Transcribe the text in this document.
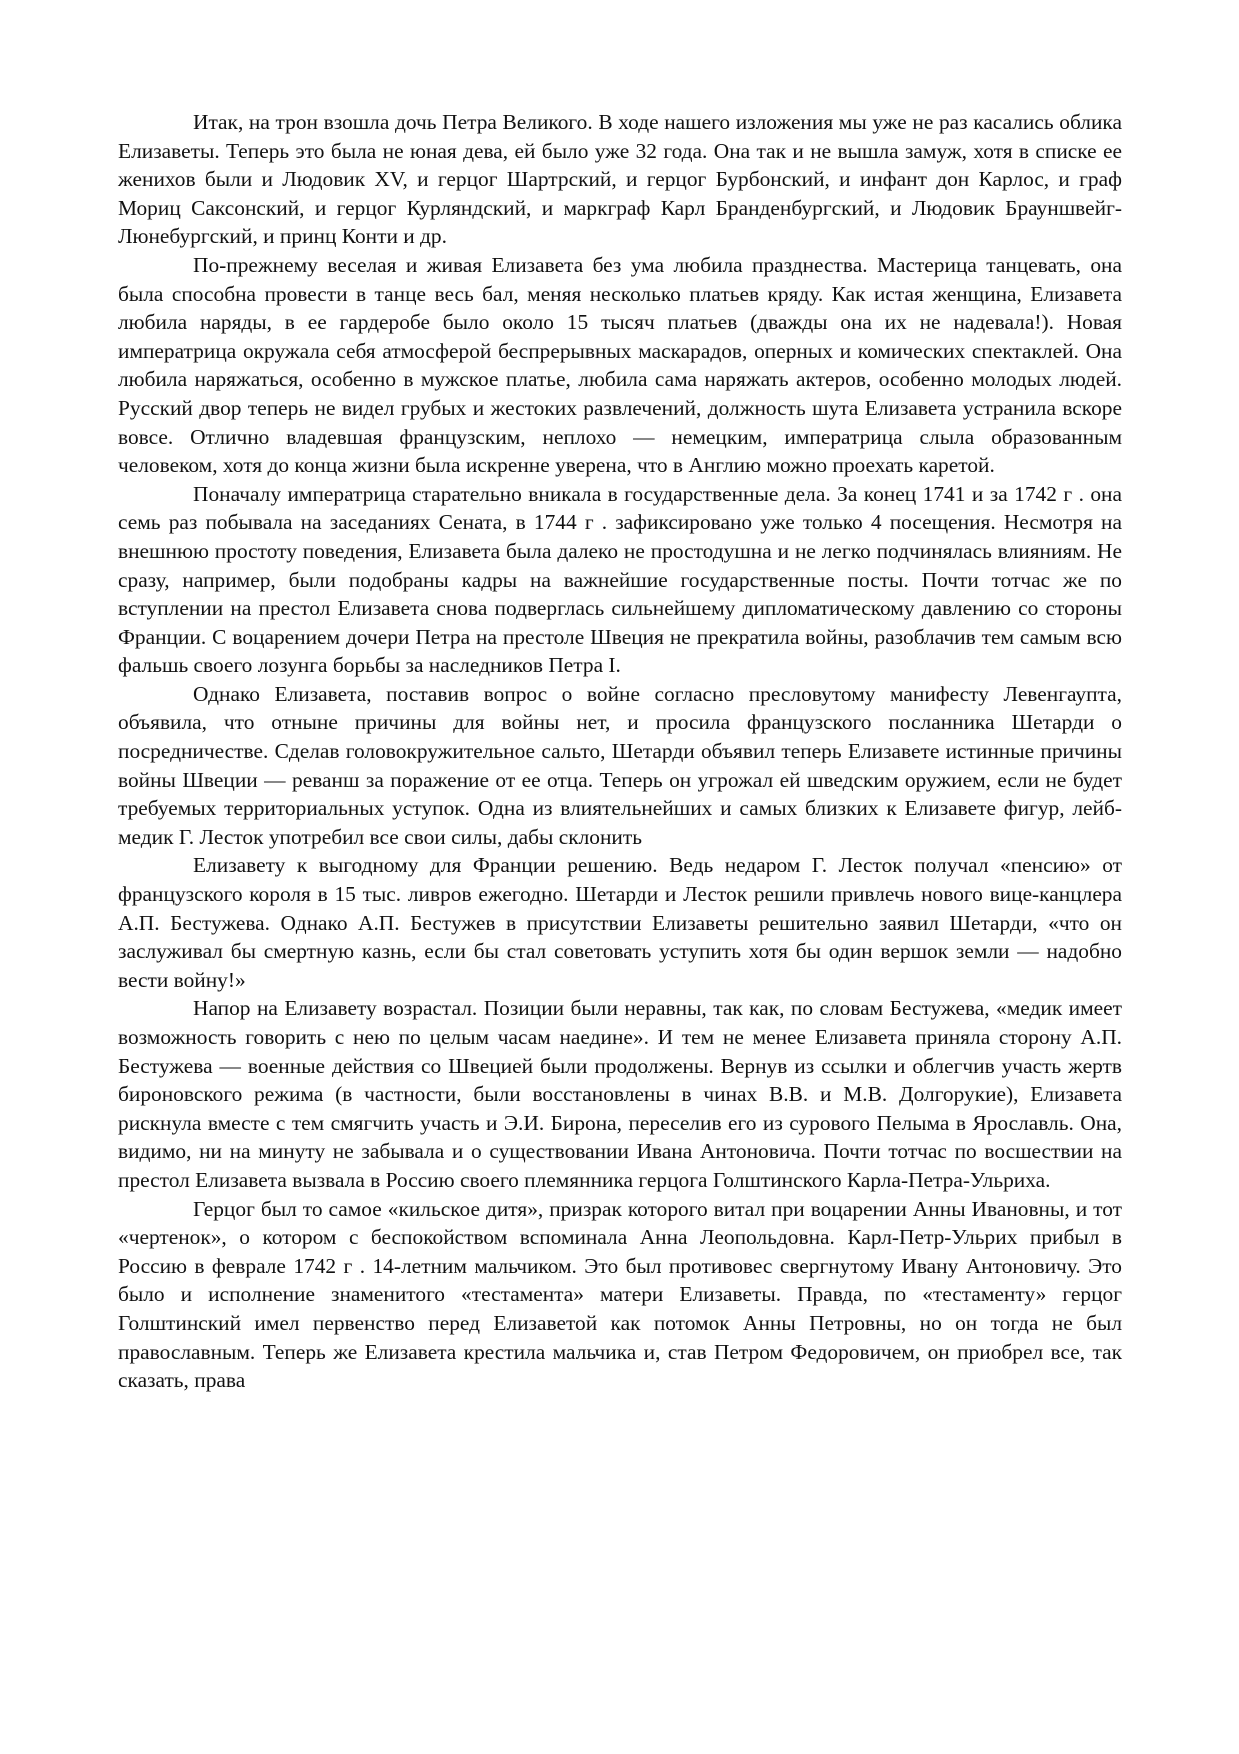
Итак, на трон взошла дочь Петра Великого. В ходе нашего изложения мы уже не раз касались облика Елизаветы. Теперь это была не юная дева, ей было уже 32 года. Она так и не вышла замуж, хотя в списке ее женихов были и Людовик XV, и герцог Шартрский, и герцог Бурбонский, и инфант дон Карлос, и граф Мориц Саксонский, и герцог Курляндский, и маркграф Карл Бранденбургский, и Людовик Брауншвейг-Люнебургский, и принц Конти и др.

По-прежнему веселая и живая Елизавета без ума любила празднества. Мастерица танцевать, она была способна провести в танце весь бал, меняя несколько платьев кряду. Как истая женщина, Елизавета любила наряды, в ее гардеробе было около 15 тысяч платьев (дважды она их не надевала!). Новая императрица окружала себя атмосферой беспрерывных маскарадов, оперных и комических спектаклей. Она любила наряжаться, особенно в мужское платье, любила сама наряжать актеров, особенно молодых людей. Русский двор теперь не видел грубых и жестоких развлечений, должность шута Елизавета устранила вскоре вовсе. Отлично владевшая французским, неплохо — немецким, императрица слыла образованным человеком, хотя до конца жизни была искренне уверена, что в Англию можно проехать каретой.

Поначалу императрица старательно вникала в государственные дела. За конец 1741 и за 1742 г . она семь раз побывала на заседаниях Сената, в 1744 г . зафиксировано уже только 4 посещения. Несмотря на внешнюю простоту поведения, Елизавета была далеко не простодушна и не легко подчинялась влияниям. Не сразу, например, были подобраны кадры на важнейшие государственные посты. Почти тотчас же по вступлении на престол Елизавета снова подверглась сильнейшему дипломатическому давлению со стороны Франции. С воцарением дочери Петра на престоле Швеция не прекратила войны, разоблачив тем самым всю фальшь своего лозунга борьбы за наследников Петра I.

Однако Елизавета, поставив вопрос о войне согласно пресловутому манифесту Левенгаупта, объявила, что отныне причины для войны нет, и просила французского посланника Шетарди о посредничестве. Сделав головокружительное сальто, Шетарди объявил теперь Елизавете истинные причины войны Швеции — реванш за поражение от ее отца. Теперь он угрожал ей шведским оружием, если не будет требуемых территориальных уступок. Одна из влиятельнейших и самых близких к Елизавете фигур, лейб-медик Г. Лесток употребил все свои силы, дабы склонить

Елизавету к выгодному для Франции решению. Ведь недаром Г. Лесток получал «пенсию» от французского короля в 15 тыс. ливров ежегодно. Шетарди и Лесток решили привлечь нового вице-канцлера А.П. Бестужева. Однако А.П. Бестужев в присутствии Елизаветы решительно заявил Шетарди, «что он заслуживал бы смертную казнь, если бы стал советовать уступить хотя бы один вершок земли — надобно вести войну!»

Напор на Елизавету возрастал. Позиции были неравны, так как, по словам Бестужева, «медик имеет возможность говорить с нею по целым часам наедине». И тем не менее Елизавета приняла сторону А.П. Бестужева — военные действия со Швецией были продолжены. Вернув из ссылки и облегчив участь жертв бироновского режима (в частности, были восстановлены в чинах В.В. и М.В. Долгорукие), Елизавета рискнула вместе с тем смягчить участь и Э.И. Бирона, переселив его из сурового Пелыма в Ярославль. Она, видимо, ни на минуту не забывала и о существовании Ивана Антоновича. Почти тотчас по восшествии на престол Елизавета вызвала в Россию своего племянника герцога Голштинского Карла-Петра-Ульриха.

Герцог был то самое «кильское дитя», призрак которого витал при воцарении Анны Ивановны, и тот «чертенок», о котором с беспокойством вспоминала Анна Леопольдовна. Карл-Петр-Ульрих прибыл в Россию в феврале 1742 г . 14-летним мальчиком. Это был противовес свергнутому Ивану Антоновичу. Это было и исполнение знаменитого «тестамента» матери Елизаветы. Правда, по «тестаменту» герцог Голштинский имел первенство перед Елизаветой как потомок Анны Петровны, но он тогда не был православным. Теперь же Елизавета крестила мальчика и, став Петром Федоровичем, он приобрел все, так сказать, права
